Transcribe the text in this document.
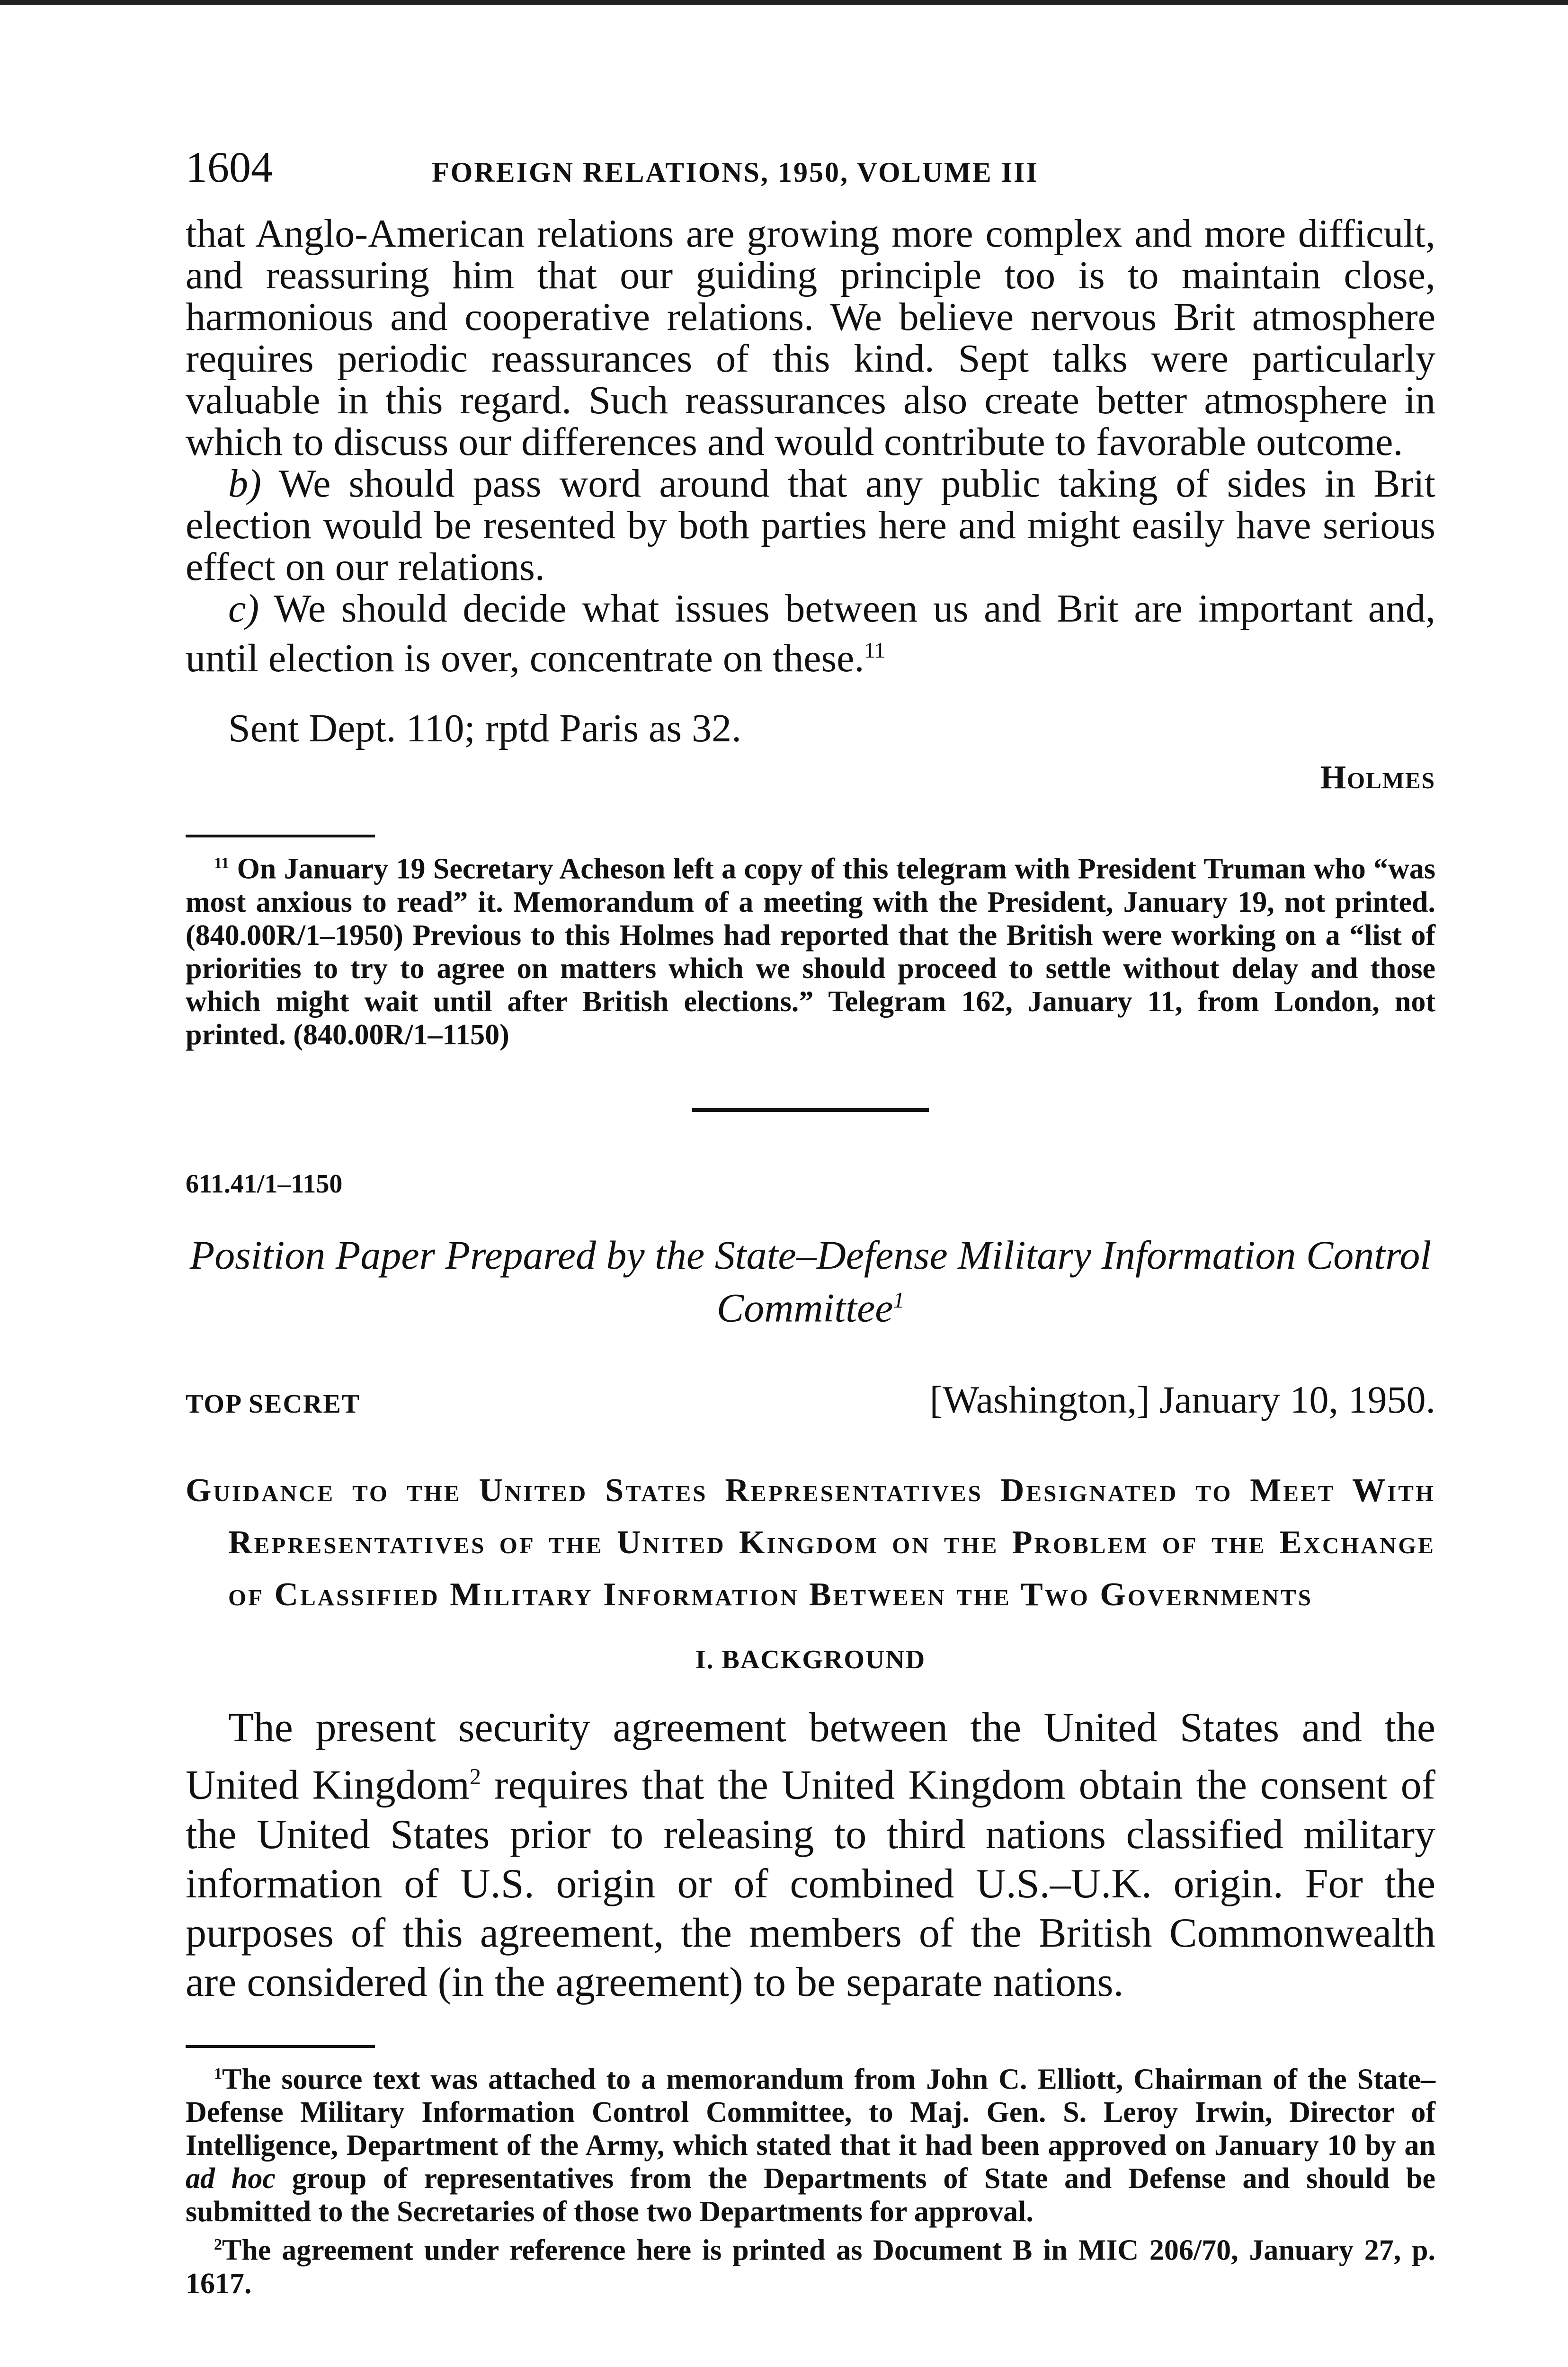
1604	FOREIGN RELATIONS, 1950, VOLUME III

that Anglo-American relations are growing more complex and more difficult, and reassuring him that our guiding principle too is to maintain close, harmonious and cooperative relations. We believe nervous Brit atmosphere requires periodic reassurances of this kind. Sept talks were particularly valuable in this regard. Such reassurances also create better atmosphere in which to discuss our differences and would contribute to favorable outcome.

b) We should pass word around that any public taking of sides in Brit election would be resented by both parties here and might easily have serious effect on our relations.

c) We should decide what issues between us and Brit are important and, until election is over, concentrate on these.$^{11}$

Sent Dept. 110; rptd Paris as 32.
Holmes

$^{11}$ On January 19 Secretary Acheson left a copy of this telegram with President Truman who “was most anxious to read” it. Memorandum of a meeting with the President, January 19, not printed. (840.00R/1–1950) Previous to this Holmes had reported that the British were working on a “list of priorities to try to agree on matters which we should proceed to settle without delay and those which might wait until after British elections.” Telegram 162, January 11, from London, not printed. (840.00R/1–1150)

611.41/1–1150

Position Paper Prepared by the State–Defense Military Information Control Committee$^1$

TOP SECRET	[Washington,] January 10, 1950.

Guidance to the United States Representatives Designated to Meet With Representatives of the United Kingdom on the Problem of the Exchange of Classified Military Information Between the Two Governments

I. BACKGROUND

The present security agreement between the United States and the United Kingdom$^2$ requires that the United Kingdom obtain the consent of the United States prior to releasing to third nations classified military information of U.S. origin or of combined U.S.–U.K. origin. For the purposes of this agreement, the members of the British Commonwealth are considered (in the agreement) to be separate nations.

$^1$The source text was attached to a memorandum from John C. Elliott, Chairman of the State–Defense Military Information Control Committee, to Maj. Gen. S. Leroy Irwin, Director of Intelligence, Department of the Army, which stated that it had been approved on January 10 by an ad hoc group of representatives from the Departments of State and Defense and should be submitted to the Secretaries of those two Departments for approval.

$^2$The agreement under reference here is printed as Document B in MIC 206/70, January 27, p. 1617.
